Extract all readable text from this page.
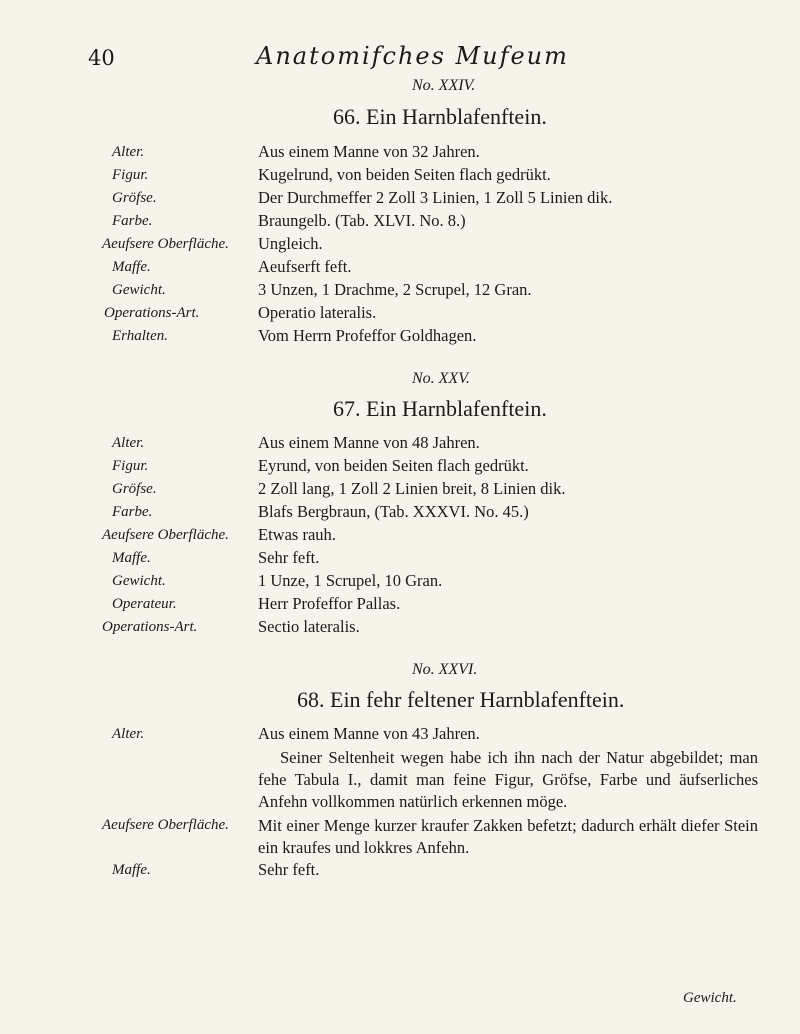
40	Anatomifches Mufeum
No. XXIV.
66. Ein Harnblafenftein.
Alter.	Aus einem Manne von 32 Jahren.
Figur.	Kugelrund, von beiden Seiten flach gedrükt.
Gröfse.	Der Durchmeffer 2 Zoll 3 Linien, 1 Zoll 5 Linien dik.
Farbe.	Braungelb. (Tab. XLVI. No. 8.)
Aeufsere Oberfläche. Ungleich.
Maffe.	Aeufserft feft.
Gewicht.	3 Unzen, 1 Drachme, 2 Scrupel, 12 Gran.
Operations-Art.	Operatio lateralis.
Erhalten.	Vom Herrn Profeffor Goldhagen.
No. XXV.
67. Ein Harnblafenftein.
Alter.	Aus einem Manne von 48 Jahren.
Figur.	Eyrund, von beiden Seiten flach gedrükt.
Gröfse.	2 Zoll lang, 1 Zoll 2 Linien breit, 8 Linien dik.
Farbe.	Blafs Bergbraun, (Tab. XXXVI. No. 45.)
Aeufsere Oberfläche. Etwas rauh.
Maffe.	Sehr feft.
Gewicht.	1 Unze, 1 Scrupel, 10 Gran.
Operateur.	Herr Profeffor Pallas.
Operations-Art.	Sectio lateralis.
No. XXVI.
68. Ein fehr feltener Harnblafenftein.
Alter.	Aus einem Manne von 43 Jahren.
Seiner Seltenheit wegen habe ich ihn nach der Natur abgebildet; man fehe Tabula I., damit man feine Figur, Gröfse, Farbe und äufserliches Anfehn vollkommen natürlich erkennen möge.
Aeufsere Oberfläche. Mit einer Menge kurzer kraufer Zakken befetzt; dadurch erhält diefer Stein ein kraufes und lokkres Anfehn.
Maffe.	Sehr feft.
Gewicht.
